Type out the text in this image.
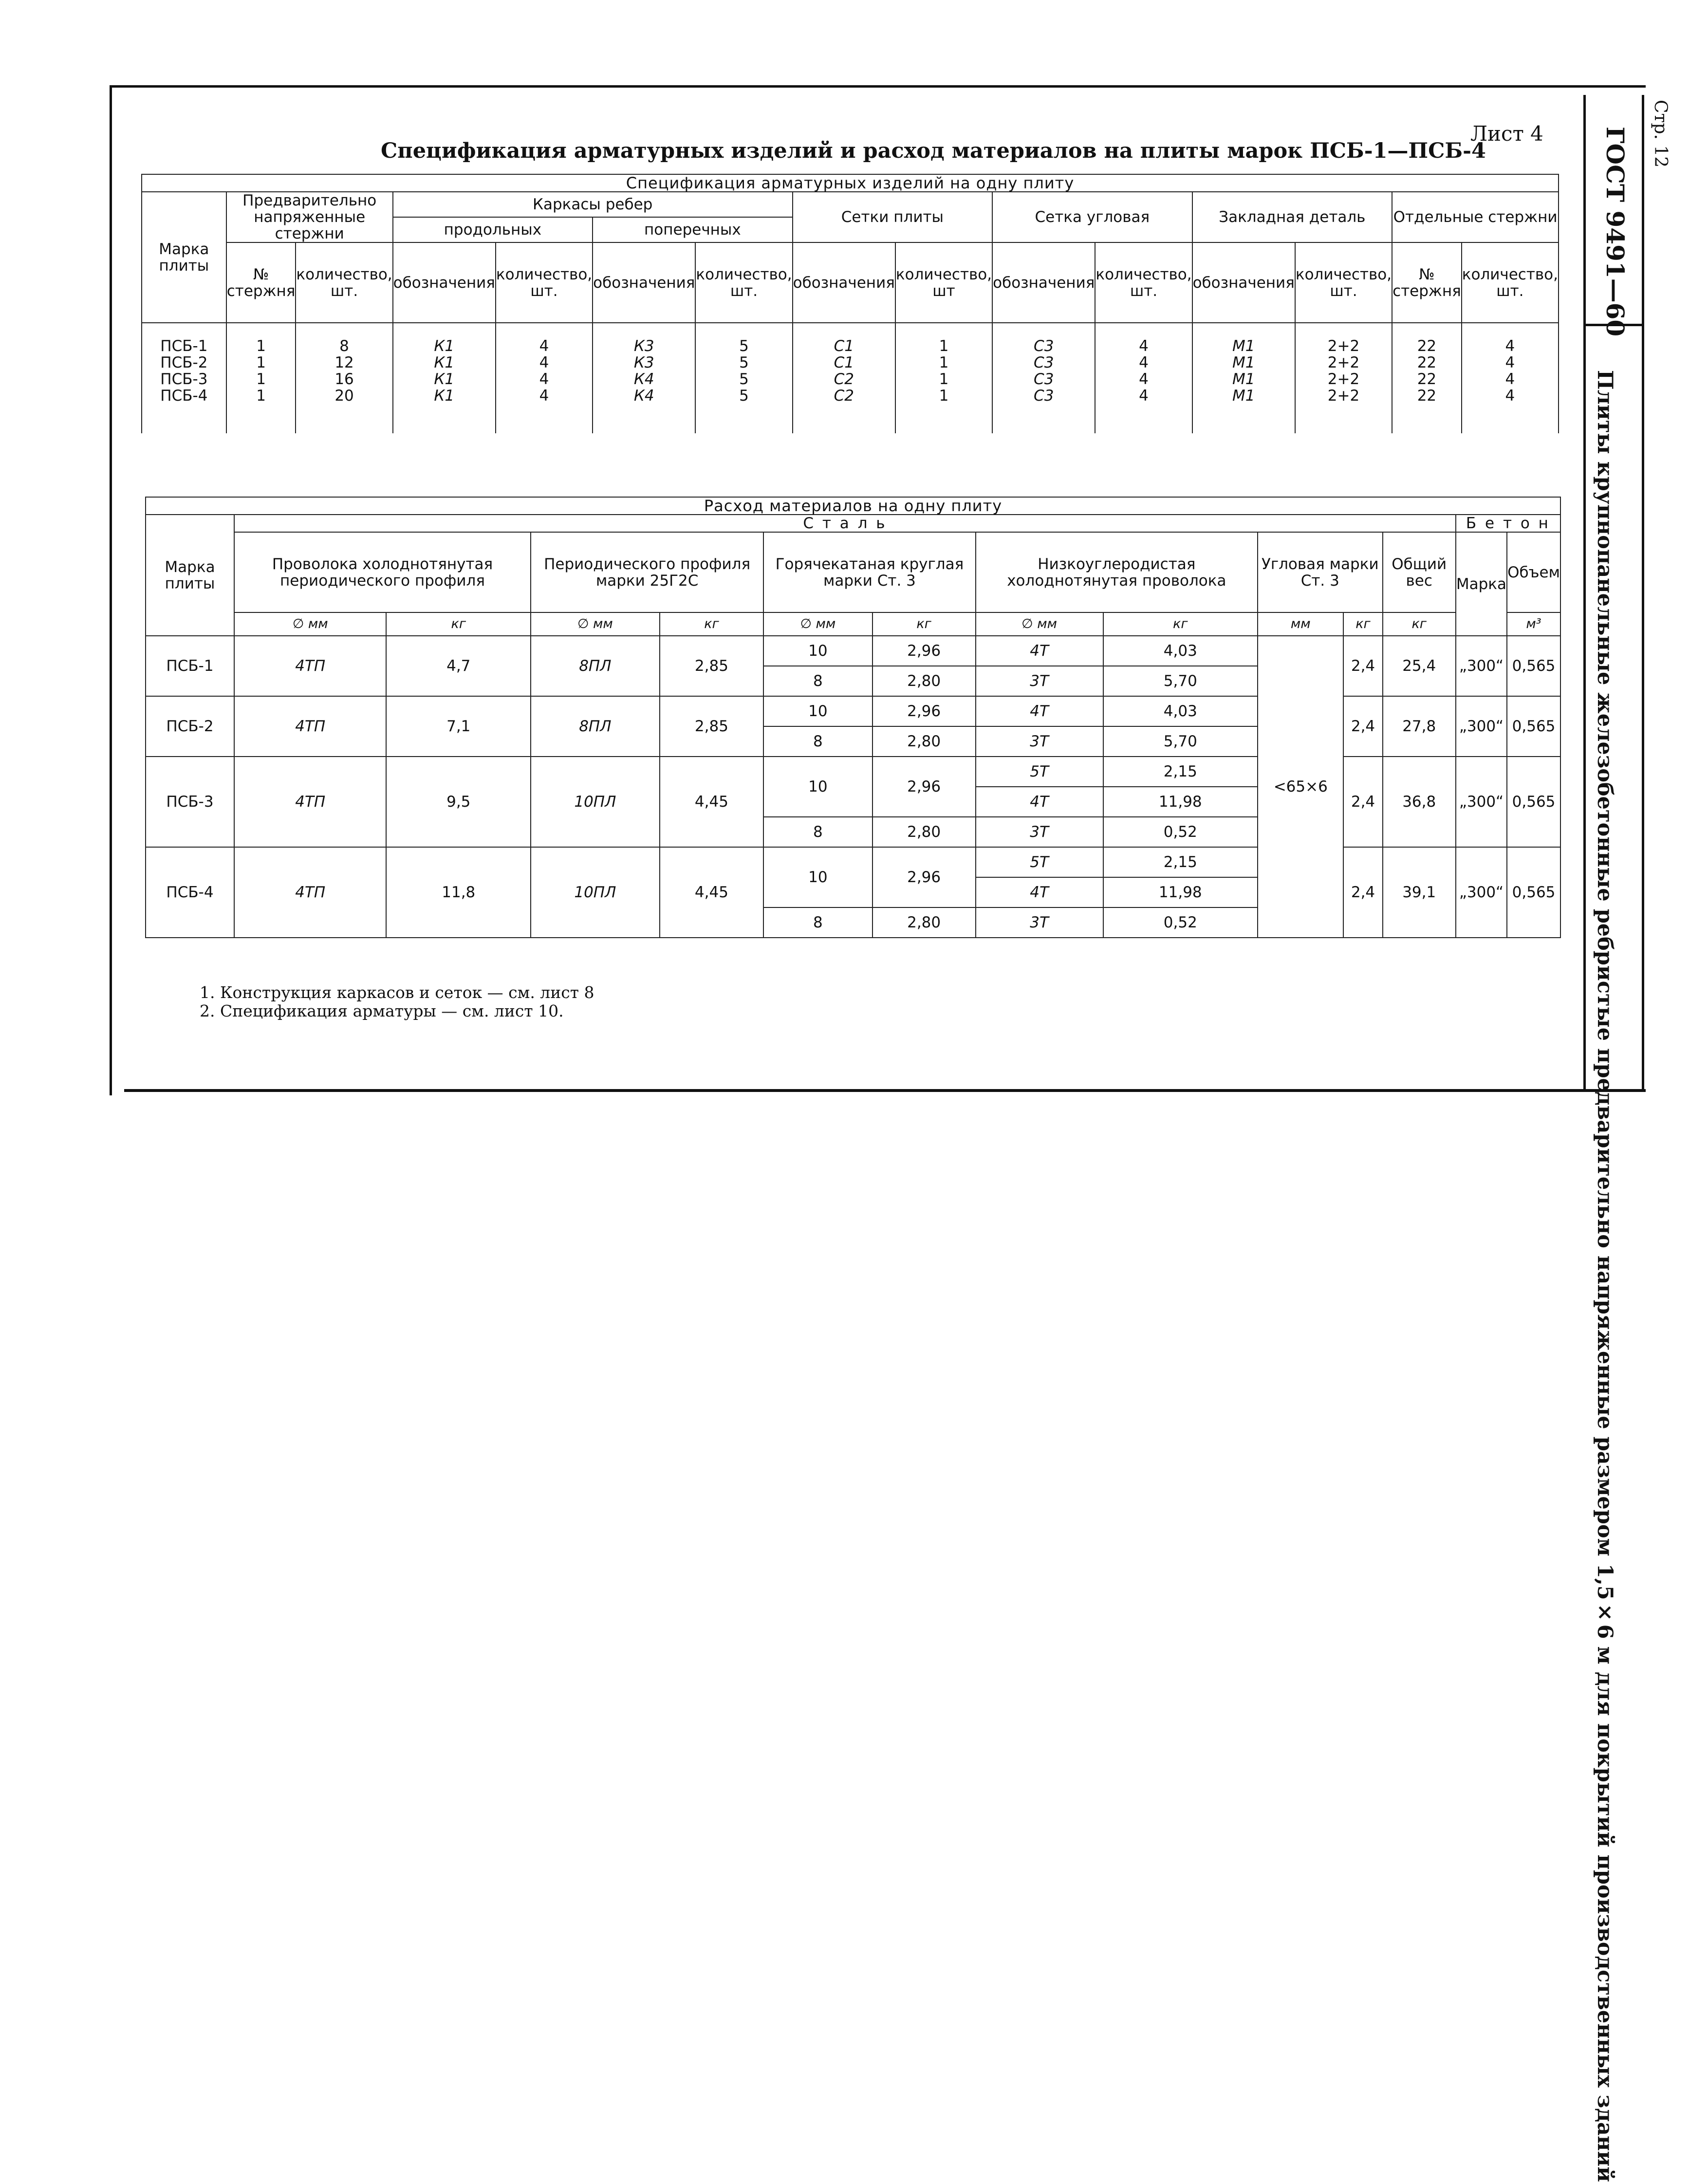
Лист 4
Спецификация арматурных изделий и расход материалов на плиты марок ПСБ-1—ПСБ-4	ГОСТ 9491—60 Стр. 12
Плиты крупнопанельные железобетонные ребристые предварительно напряженные размером 1,5×6 м для покрытий производственных зданий
Спецификация арматурных изделий на одну плиту														
Марка плиты	Предварительно напряженные стержни		Каркасы ребер				Сетки плиты		Сетка угловая		Закладная деталь		Отдельные стержни	
			продольных		поперечных									
	№ стержня	количество, шт.	обозначения	количество, шт.	обозначения	количество, шт.	обозначения	количество, шт	обозначения	количество, шт.	обозначения	количество, шт.	№ стержня	количество, шт.
ПСБ-1	1	8	К1	4	К3	5	С1	1	С3	4	М1	2+2	22	4
ПСБ-2	1	12	К1	4	К3	5	С1	1	С3	4	М1	2+2	22	4
ПСБ-3	1	16	К1	4	К4	5	С2	1	С3	4	М1	2+2	22	4
ПСБ-4	1	20	К1	4	К4	5	С2	1	С3	4	М1	2+2	22	4
Расход материалов на одну плиту													
Марка плиты	С т а л ь											Б е т о н	
	Проволока холоднотянутая периодического профиля		Периодического профиля марки 25Г2С		Горячекатаная круглая марки Ст. 3		Низкоуглеродистая холоднотянутая проволока		Угловая марки Ст. 3		Общий вес	Марка	Объем
	∅ мм	кг	∅ мм	кг	∅ мм	кг	∅ мм	кг	мм	кг	кг		м³
ПСБ-1	4ТП	4,7	8ПЛ	2,85	10	2,96	4Т	4,03	<65×6	2,4	25,4	„300“	0,565
					8	2,80	3Т	5,70					
ПСБ-2	4ТП	7,1	8ПЛ	2,85	10	2,96	4Т	4,03		2,4	27,8	„300“	0,565
					8	2,80	3Т	5,70					
ПСБ-3	4ТП	9,5	10ПЛ	4,45	10	2,96	5Т	2,15		2,4	36,8	„300“	0,565
							4Т	11,98					
					8	2,80	3Т	0,52					
ПСБ-4	4ТП	11,8	10ПЛ	4,45	10	2,96	5Т	2,15		2,4	39,1	„300“	0,565
							4Т	11,98					
					8	2,80	3Т	0,52					
1. Конструкция каркасов и сеток — см. лист 8
2. Спецификация арматуры — см. лист 10.
